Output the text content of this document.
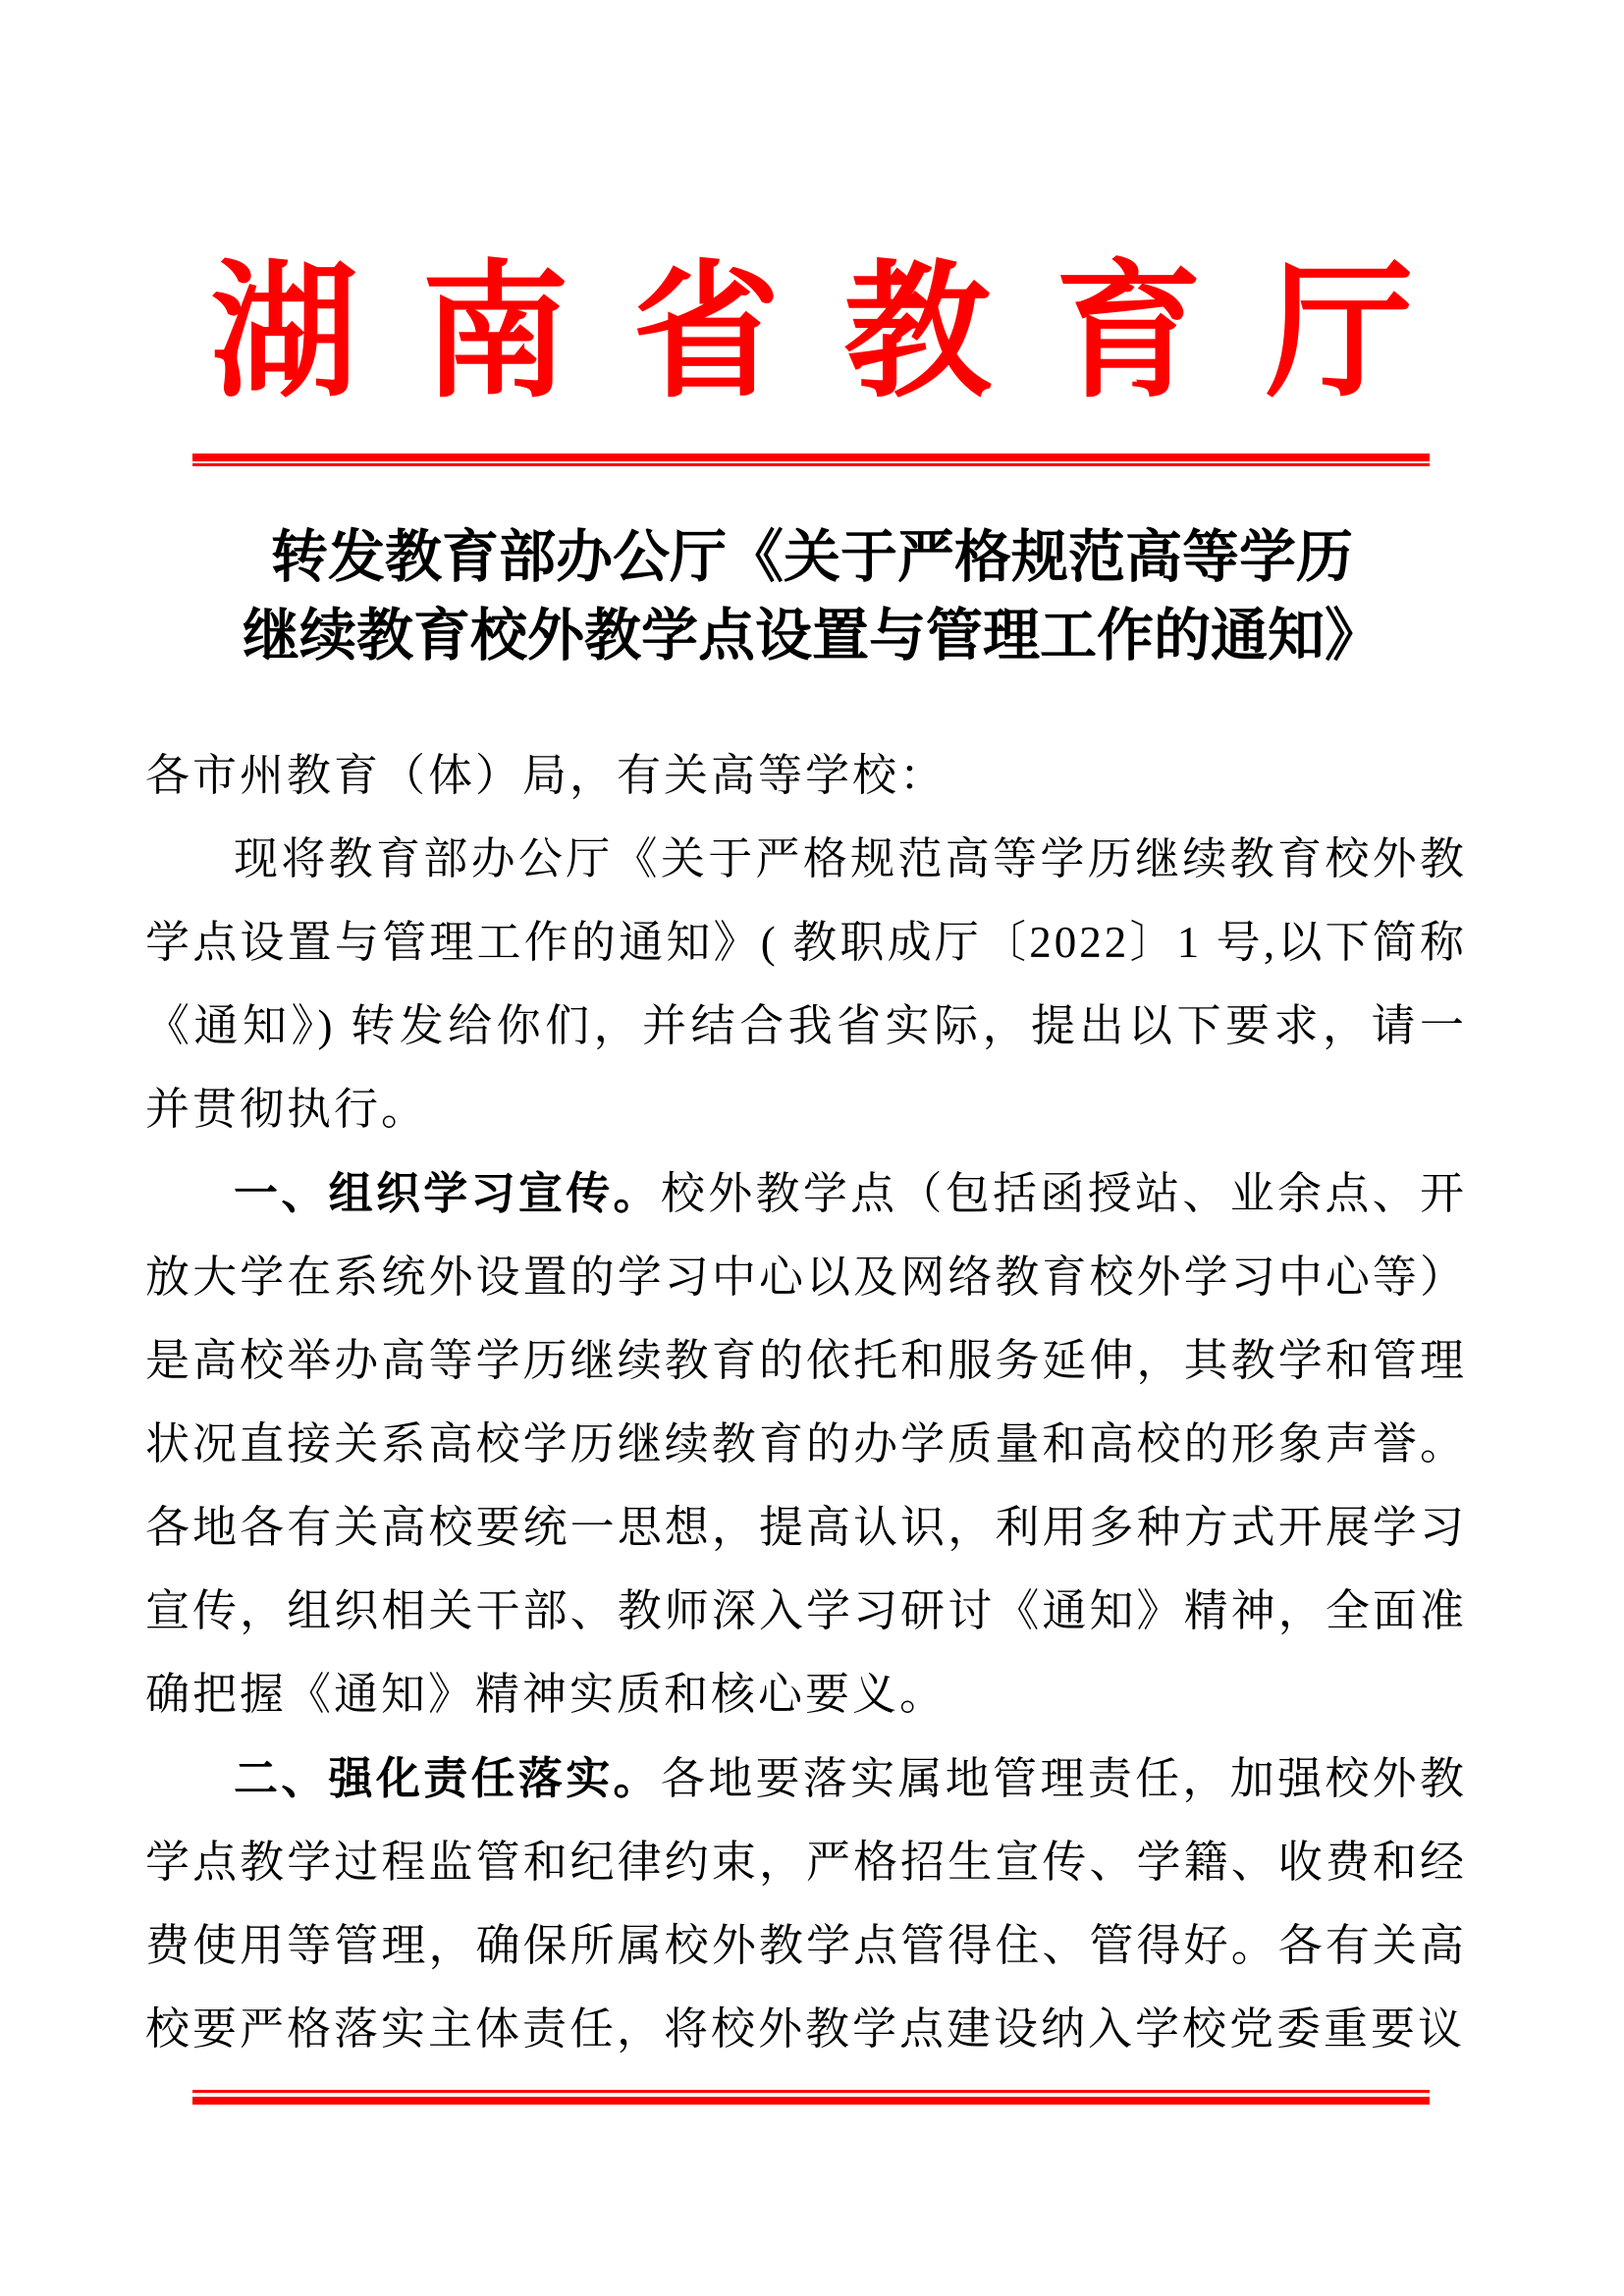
湖南省教育厅
转发教育部办公厅《关于严格规范高等学历
继续教育校外教学点设置与管理工作的通知》

各市州教育（体）局，有关高等学校：

现将教育部办公厅《关于严格规范高等学历继续教育校外教学点设置与管理工作的通知》( 教职成厅〔2022〕1 号,以下简称《通知》) 转发给你们，并结合我省实际，提出以下要求，请一并贯彻执行。

一、组织学习宣传。校外教学点（包括函授站、业余点、开放大学在系统外设置的学习中心以及网络教育校外学习中心等）是高校举办高等学历继续教育的依托和服务延伸，其教学和管理状况直接关系高校学历继续教育的办学质量和高校的形象声誉。各地各有关高校要统一思想，提高认识，利用多种方式开展学习宣传，组织相关干部、教师深入学习研讨《通知》精神，全面准确把握《通知》精神实质和核心要义。

二、强化责任落实。各地要落实属地管理责任，加强校外教学点教学过程监管和纪律约束，严格招生宣传、学籍、收费和经费使用等管理，确保所属校外教学点管得住、管得好。各有关高校要严格落实主体责任，将校外教学点建设纳入学校党委重要议
